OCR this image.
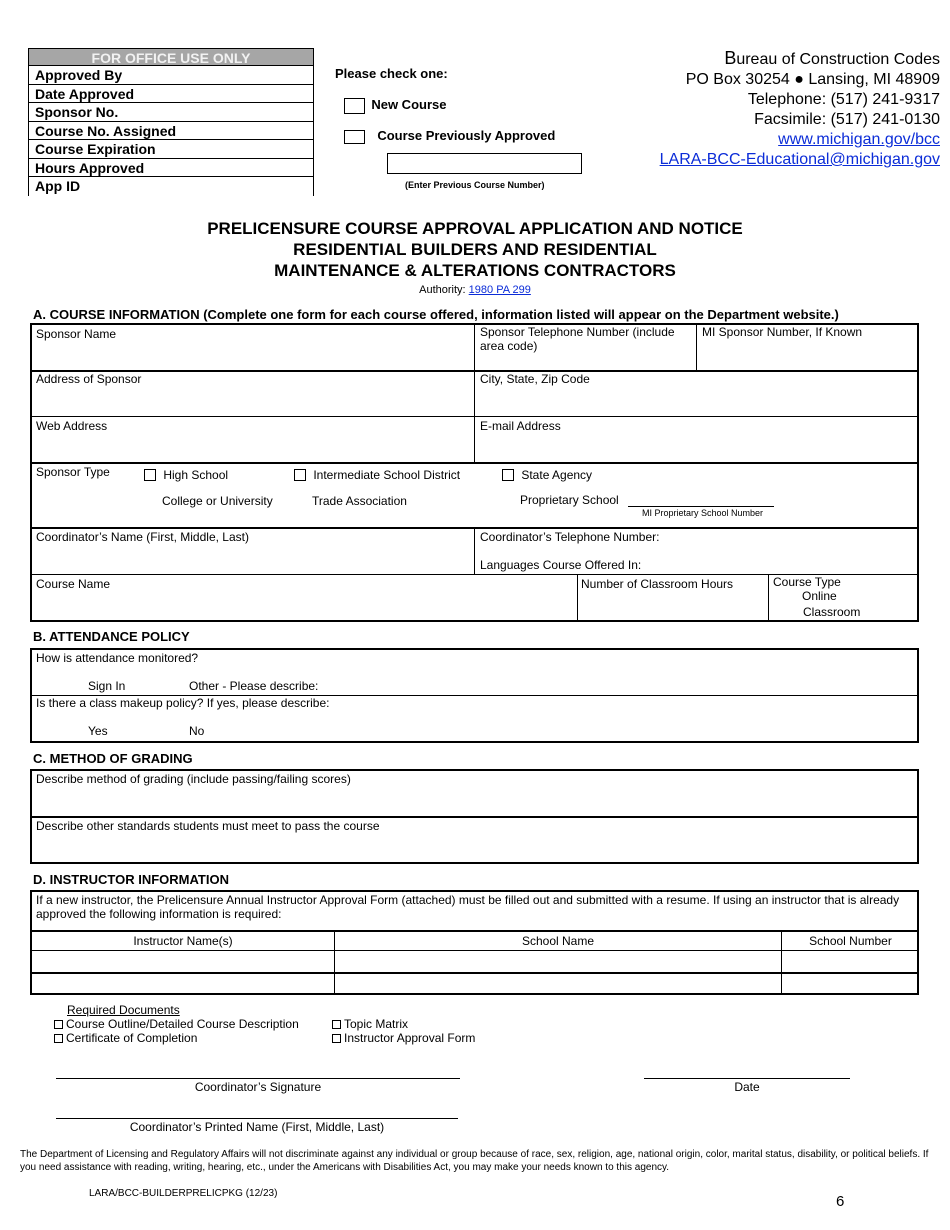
FOR OFFICE USE ONLY
Approved By
Date Approved
Sponsor No.
Course No. Assigned
Course Expiration
Hours Approved
App ID
Please check one:
New Course
Course Previously Approved
(Enter Previous Course Number)
Bureau of Construction Codes
PO Box 30254 ● Lansing, MI 48909
Telephone: (517) 241-9317
Facsimile: (517) 241-0130
www.michigan.gov/bcc
LARA-BCC-Educational@michigan.gov
PRELICENSURE COURSE APPROVAL APPLICATION AND NOTICE
RESIDENTIAL BUILDERS AND RESIDENTIAL
MAINTENANCE & ALTERATIONS CONTRACTORS
Authority: 1980 PA 299
A. COURSE INFORMATION (Complete one form for each course offered, information listed will appear on the Department website.)
Sponsor Name	Sponsor Telephone Number (include area code)
MI Sponsor Number, If Known
Address of Sponsor	City, State, Zip Code
Web Address	E-mail Address
Sponsor Type	High School	Intermediate School District	State Agency
College or University	Trade Association	Proprietary School
MI Proprietary School Number
Coordinator’s Name (First, Middle, Last)	Coordinator’s Telephone Number:
Languages Course Offered In:
Course Name	Number of Classroom Hours	Course Type
Online
Classroom
B. ATTENDANCE POLICY
How is attendance monitored?
Sign In	Other - Please describe:
Is there a class makeup policy? If yes, please describe:
Yes	No
C. METHOD OF GRADING
Describe method of grading (include passing/failing scores)
Describe other standards students must meet to pass the course
D. INSTRUCTOR INFORMATION
If a new instructor, the Prelicensure Annual Instructor Approval Form (attached) must be filled out and submitted with a resume. If using an instructor that is already approved the following information is required:
Instructor Name(s)	School Name	School Number
Required Documents
Course Outline/Detailed Course Description	Topic Matrix
Certificate of Completion	Instructor Approval Form
Coordinator’s Signature	Date
Coordinator’s Printed Name (First, Middle, Last)
The Department of Licensing and Regulatory Affairs will not discriminate against any individual or group because of race, sex, religion, age, national origin, color, marital status, disability, or political beliefs. If you need assistance with reading, writing, hearing, etc., under the Americans with Disabilities Act, you may make your needs known to this agency.
LARA/BCC-BUILDERPRELICPKG (12/23)	6
